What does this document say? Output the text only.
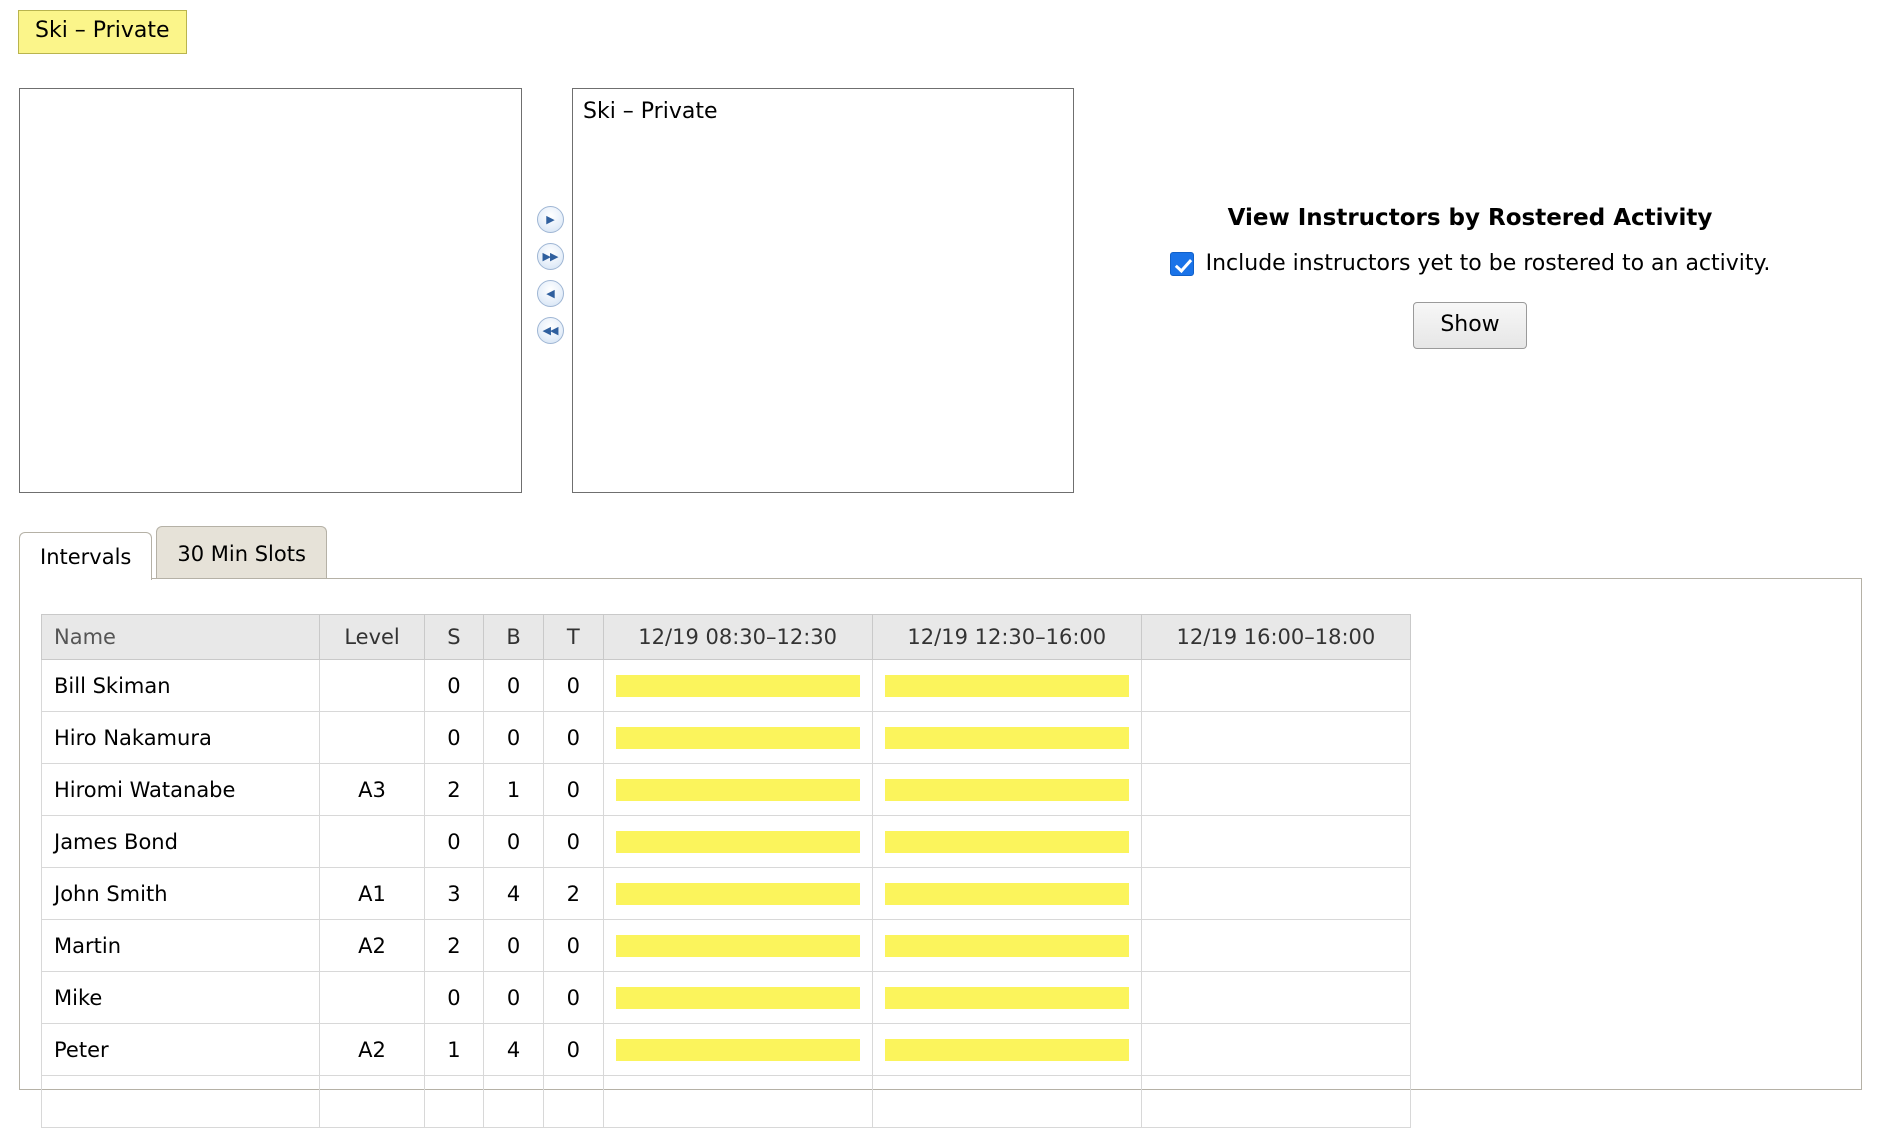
Ski – Private
▶
▶▶
◀
◀◀
Ski – Private
View Instructors by Rostered Activity
Include instructors yet to be rostered to an activity.
Show
Intervals	30 Min Slots
Name	Level	S	B	T	12/19 08:30–12:30	12/19 12:30–16:00	12/19 16:00–18:00
Bill Skiman		0	0	0	

Hiro Nakamura		0	0	0	

Hiromi Watanabe	A3	2	1	0	

James Bond		0	0	0	

John Smith	A1	3	4	2	

Martin	A2	2	0	0	

Mike		0	0	0	

Peter	A2	1	4	0	
